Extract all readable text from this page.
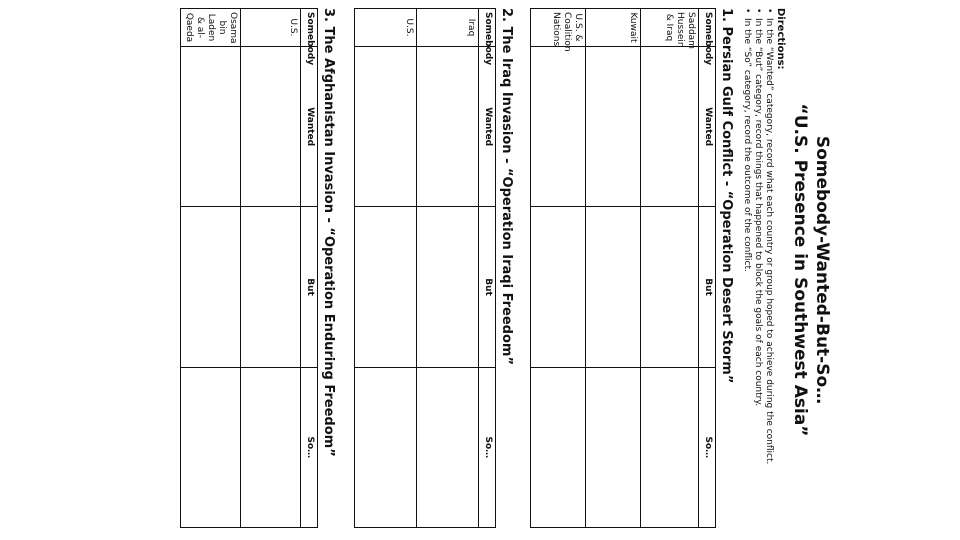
Somebody-Wanted-But-So…
“U.S. Presence in Southwest Asia”
Directions:
• In the “Wanted” category, record what each country or group hoped to achieve during the conflict.
• In the “But” category, record things that happened to block the goals of each country.
• In the “So” category, record the outcome of the conflict.
1. Persian Gulf Conflict - “Operation Desert Storm”
Somebody	Wanted	But	So…
Saddam Hussein & Iraq			
Kuwait			
U.S. & Coalition Nations			
2. The Iraq Invasion - “Operation Iraqi Freedom”
Somebody	Wanted	But	So…
Iraq			
U.S.			
3. The Afghanistan Invasion - “Operation Enduring Freedom”
Somebody	Wanted	But	So…
U.S.			
Osama bin Laden & al-Qaeda			
